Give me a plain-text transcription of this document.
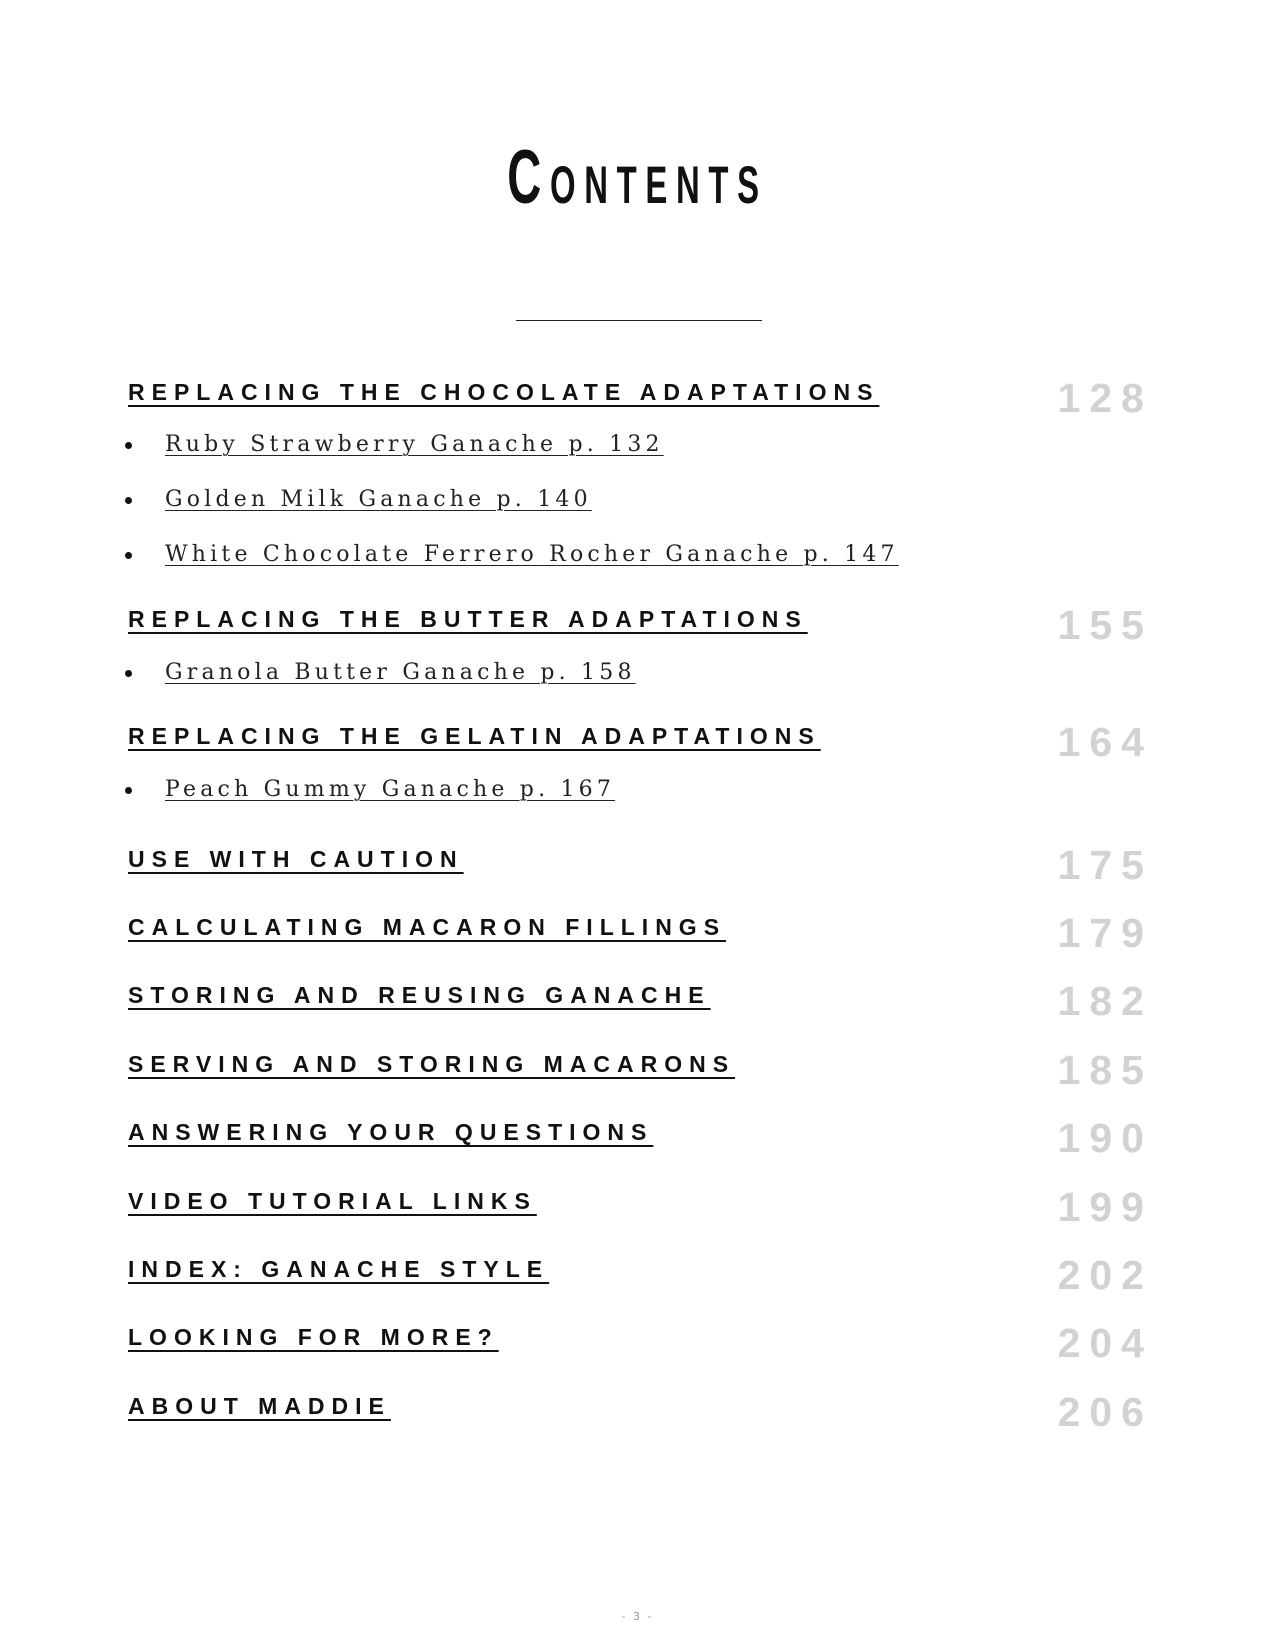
Contents
REPLACING THE CHOCOLATE ADAPTATIONS	128
Ruby Strawberry Ganache p. 132
Golden Milk Ganache p. 140
White Chocolate Ferrero Rocher Ganache p. 147
REPLACING THE BUTTER ADAPTATIONS	155
Granola Butter Ganache p. 158
REPLACING THE GELATIN ADAPTATIONS	164
Peach Gummy Ganache p. 167
USE WITH CAUTION	175
CALCULATING MACARON FILLINGS	179
STORING AND REUSING GANACHE	182
SERVING AND STORING MACARONS	185
ANSWERING YOUR QUESTIONS	190
VIDEO TUTORIAL LINKS	199
INDEX: GANACHE STYLE	202
LOOKING FOR MORE?	204
ABOUT MADDIE	206
- 3 -
